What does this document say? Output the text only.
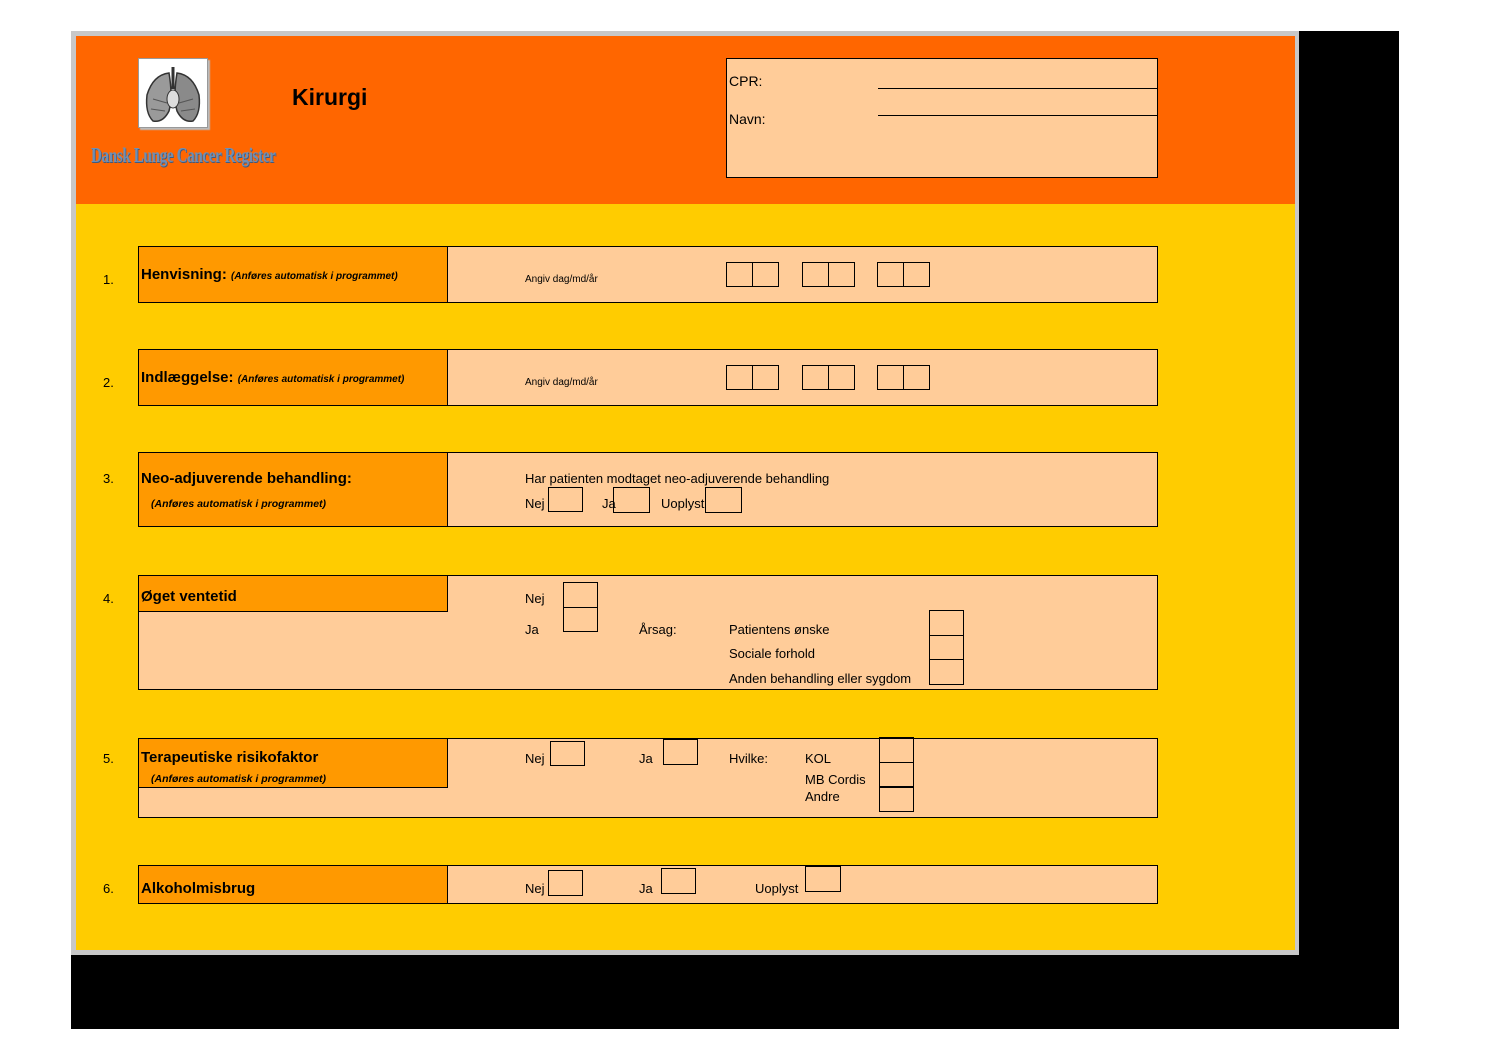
Dansk Lunge Cancer Register
Kirurgi
CPR:
Navn:
1. Henvisning: (Anføres automatisk i programmet)	Angiv dag/md/år
2. Indlæggelse: (Anføres automatisk i programmet)	Angiv dag/md/år
3. Neo-adjuverende behandling:
(Anføres automatisk i programmet)
Har patienten modtaget neo-adjuverende behandling
Nej	Ja	Uoplyst
4. Øget ventetid	Nej
Ja	Årsag:	Patientens ønske
Sociale forhold
Anden behandling eller sygdom
5. Terapeutiske risikofaktor
(Anføres automatisk i programmet)
Nej	Ja	Hvilke:	KOL
MB Cordis
Andre
6. Alkoholmisbrug	Nej	Ja	Uoplyst
